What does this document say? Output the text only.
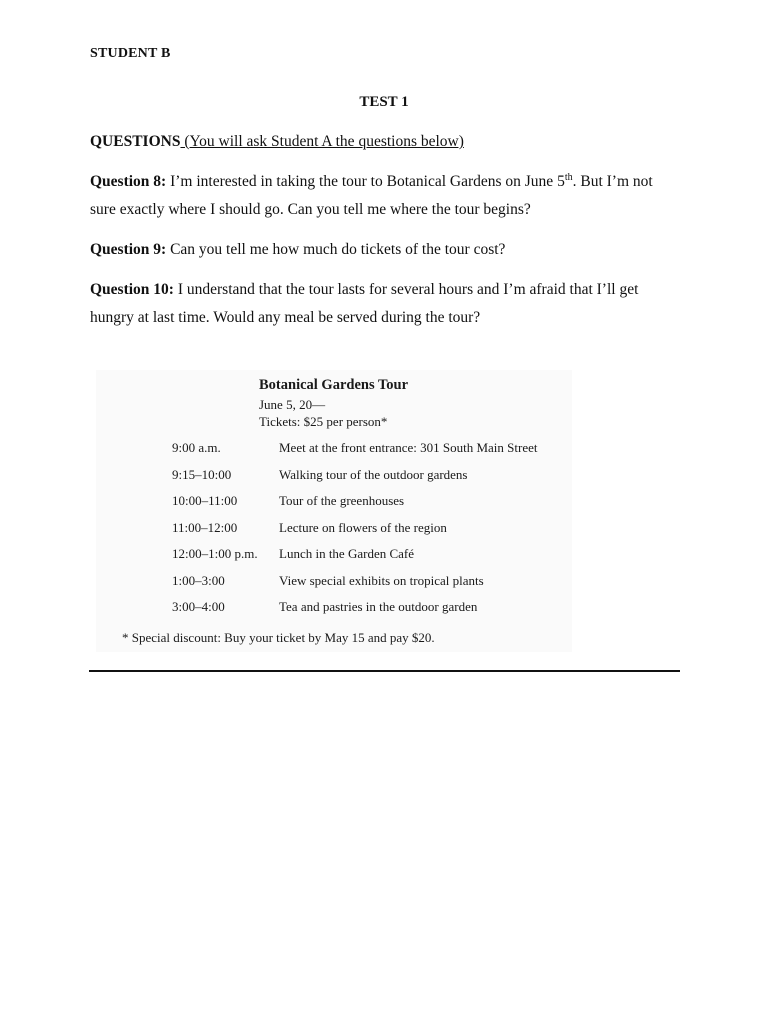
STUDENT B
TEST 1
QUESTIONS (You will ask Student A the questions below)
Question 8: I’m interested in taking the tour to Botanical Gardens on June 5th. But I’m not sure exactly where I should go. Can you tell me where the tour begins?
Question 9: Can you tell me how much do tickets of the tour cost?
Question 10: I understand that the tour lasts for several hours and I’m afraid that I’ll get hungry at last time. Would any meal be served during the tour?
Botanical Gardens Tour
June 5, 20—
Tickets: $25 per person*
9:00 a.m.	Meet at the front entrance: 301 South Main Street
9:15–10:00	Walking tour of the outdoor gardens
10:00–11:00	Tour of the greenhouses
11:00–12:00	Lecture on flowers of the region
12:00–1:00 p.m. Lunch in the Garden Café
1:00–3:00	View special exhibits on tropical plants
3:00–4:00	Tea and pastries in the outdoor garden
* Special discount: Buy your ticket by May 15 and pay $20.
